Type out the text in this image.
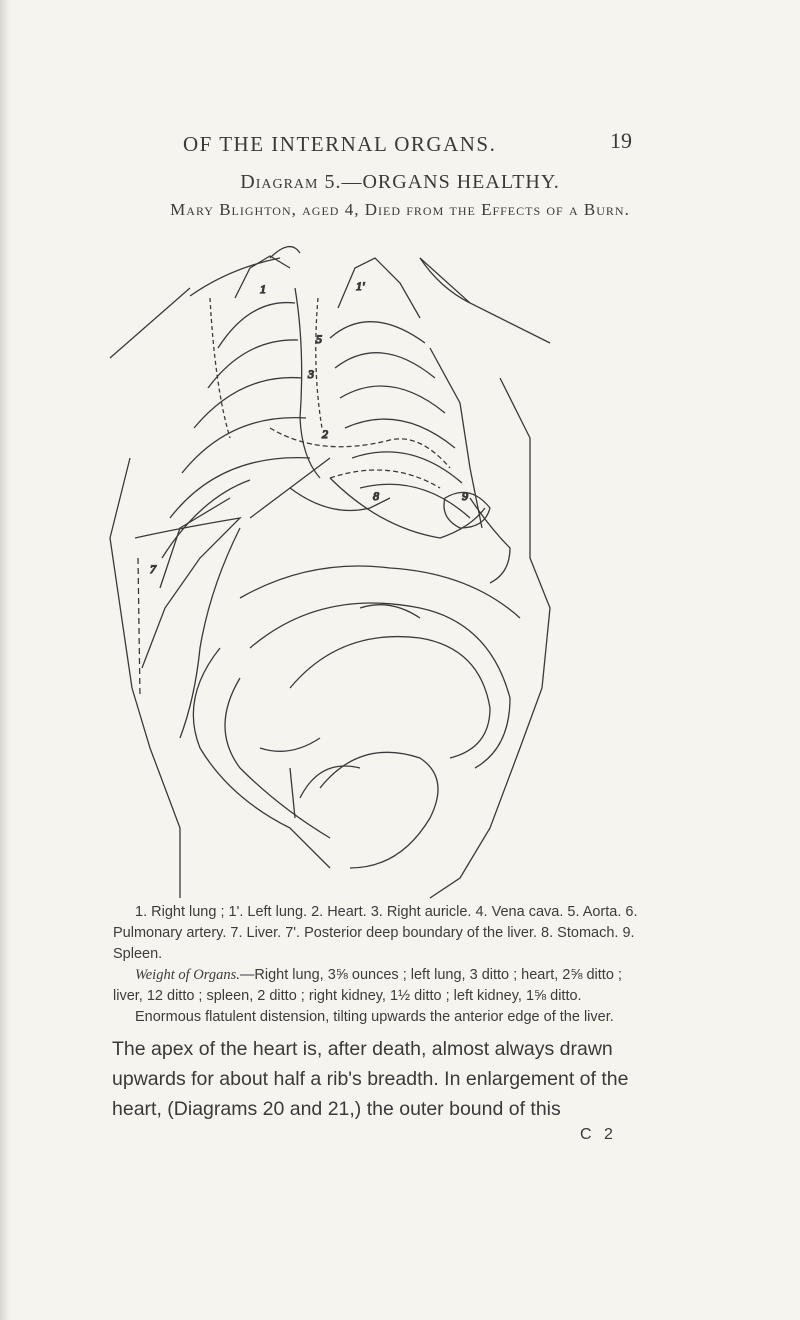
OF THE INTERNAL ORGANS.	19
Diagram 5.—ORGANS HEALTHY.
Mary Blighton, aged 4, Died from the Effects of a Burn.
1	1'
2
3
5
7
8	9

1. Right lung ; 1'. Left lung. 2. Heart. 3. Right auricle. 4. Vena cava. 5. Aorta. 6. Pulmonary artery. 7. Liver. 7'. Posterior deep boundary of the liver. 8. Stomach. 9. Spleen.

Weight of Organs.—Right lung, 3⅝ ounces ; left lung, 3 ditto ; heart, 2⅝ ditto ; liver, 12 ditto ; spleen, 2 ditto ; right kidney, 1½ ditto ; left kidney, 1⅝ ditto.

Enormous flatulent distension, tilting upwards the anterior edge of the liver.

The apex of the heart is, after death, almost always drawn upwards for about half a rib's breadth. In enlargement of the heart, (Diagrams 20 and 21,) the outer bound of this

C 2
